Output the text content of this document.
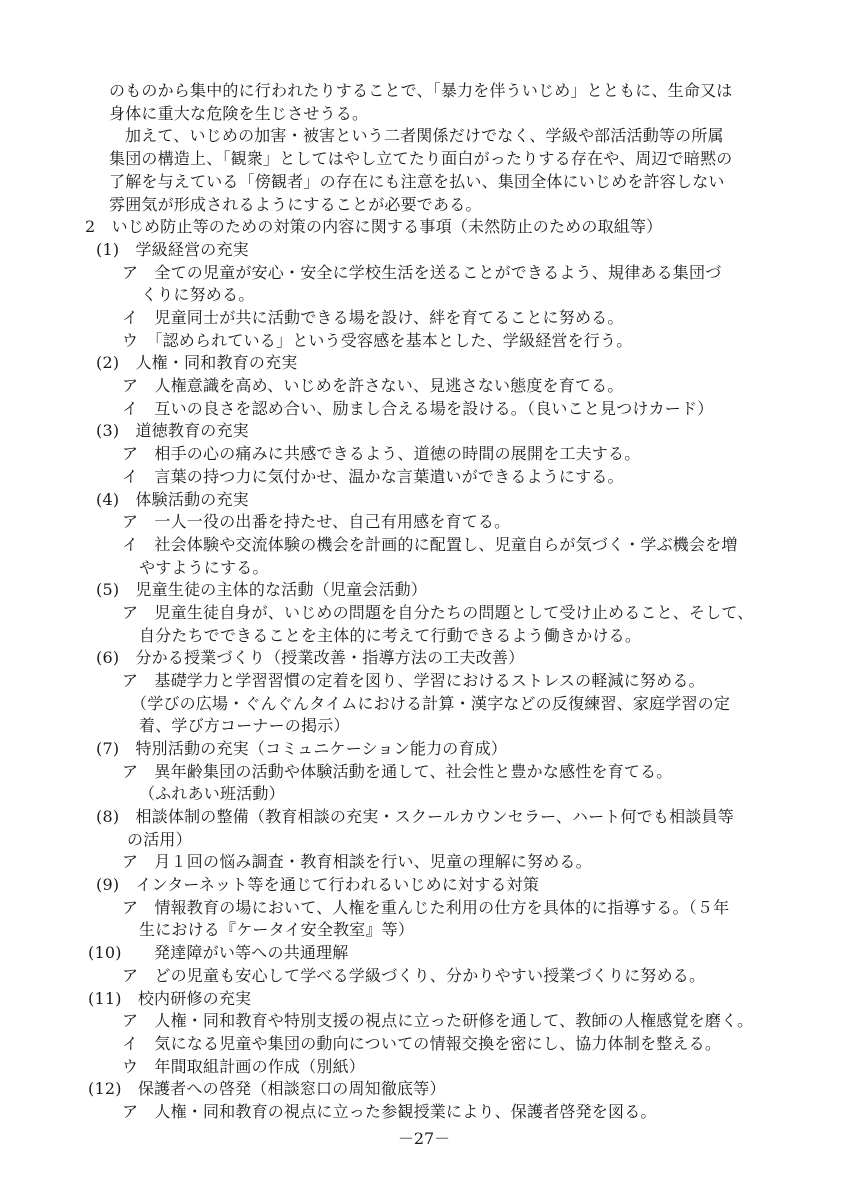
のものから集中的に行われたりすることで、「暴力を伴ういじめ」とともに、生命又は
身体に重大な危険を生じさせうる。
加えて、いじめの加害・被害という二者関係だけでなく、学級や部活活動等の所属
集団の構造上、「観衆」としてはやし立てたり面白がったりする存在や、周辺で暗黙の
了解を与えている「傍観者」の存在にも注意を払い、集団全体にいじめを許容しない
雰囲気が形成されるようにすることが必要である。
2　いじめ防止等のための対策の内容に関する事項（未然防止のための取組等）
(1)　学級経営の充実
ア　全ての児童が安心・安全に学校生活を送ることができるよう、規律ある集団づ
くりに努める。
イ　児童同士が共に活動できる場を設け、絆を育てることに努める。
ウ　「認められている」という受容感を基本とした、学級経営を行う。
(2)　人権・同和教育の充実
ア　人権意識を高め、いじめを許さない、見逃さない態度を育てる。
イ　互いの良さを認め合い、励まし合える場を設ける。（良いこと見つけカード）
(3)　道徳教育の充実
ア　相手の心の痛みに共感できるよう、道徳の時間の展開を工夫する。
イ　言葉の持つ力に気付かせ、温かな言葉遣いができるようにする。
(4)　体験活動の充実
ア　一人一役の出番を持たせ、自己有用感を育てる。
イ　社会体験や交流体験の機会を計画的に配置し、児童自らが気づく・学ぶ機会を増
やすようにする。
(5)　児童生徒の主体的な活動（児童会活動）
ア　児童生徒自身が、いじめの問題を自分たちの問題として受け止めること、そして、
自分たちでできることを主体的に考えて行動できるよう働きかける。
(6)　分かる授業づくり（授業改善・指導方法の工夫改善）
ア　基礎学力と学習習慣の定着を図り、学習におけるストレスの軽減に努める。
（学びの広場・ぐんぐんタイムにおける計算・漢字などの反復練習、家庭学習の定
着、学び方コーナーの掲示）
(7)　特別活動の充実（コミュニケーション能力の育成）
ア　異年齢集団の活動や体験活動を通して、社会性と豊かな感性を育てる。
（ふれあい班活動）
(8)　相談体制の整備（教育相談の充実・スクールカウンセラー、ハート何でも相談員等
の活用）
ア　月１回の悩み調査・教育相談を行い、児童の理解に努める。
(9)　インターネット等を通じて行われるいじめに対する対策
ア　情報教育の場において、人権を重んじた利用の仕方を具体的に指導する。（５年
生における『ケータイ安全教室』等）
(10)　　発達障がい等への共通理解
ア　どの児童も安心して学べる学級づくり、分かりやすい授業づくりに努める。
(11)　校内研修の充実
ア　人権・同和教育や特別支援の視点に立った研修を通して、教師の人権感覚を磨く。
イ　気になる児童や集団の動向についての情報交換を密にし、協力体制を整える。
ウ　年間取組計画の作成（別紙）
(12)　保護者への啓発（相談窓口の周知徹底等）
ア　人権・同和教育の視点に立った参観授業により、保護者啓発を図る。
－27－
